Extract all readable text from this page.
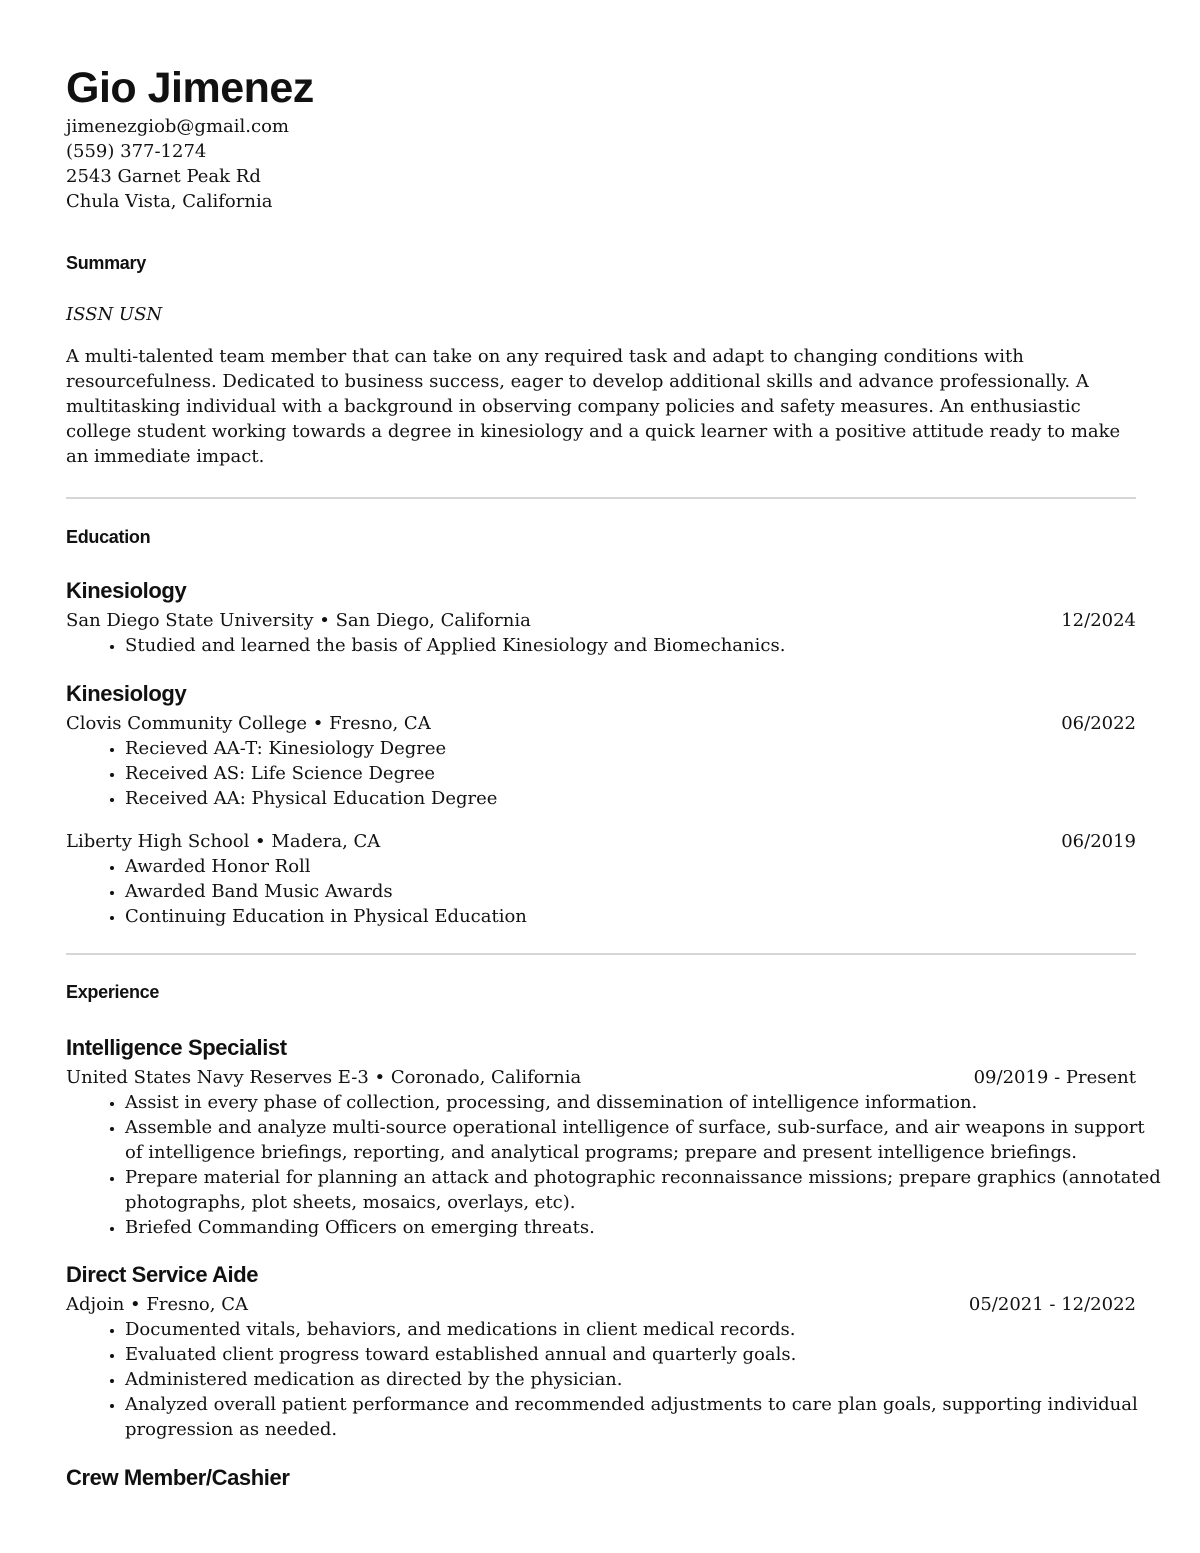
Gio Jimenez
jimenezgiob@gmail.com
(559) 377-1274
2543 Garnet Peak Rd
Chula Vista, California
Summary
ISSN USN
A multi-talented team member that can take on any required task and adapt to changing conditions with resourcefulness. Dedicated to business success, eager to develop additional skills and advance professionally. A multitasking individual with a background in observing company policies and safety measures. An enthusiastic college student working towards a degree in kinesiology and a quick learner with a positive attitude ready to make an immediate impact.
Education
Kinesiology
San Diego State University • San Diego, California	12/2024
• Studied and learned the basis of Applied Kinesiology and Biomechanics.
Kinesiology
Clovis Community College • Fresno, CA	06/2022
• Recieved AA-T: Kinesiology Degree
• Received AS: Life Science Degree
• Received AA: Physical Education Degree
Liberty High School • Madera, CA	06/2019
• Awarded Honor Roll
• Awarded Band Music Awards
• Continuing Education in Physical Education
Experience
Intelligence Specialist
United States Navy Reserves E-3 • Coronado, California	09/2019 - Present
• Assist in every phase of collection, processing, and dissemination of intelligence information.
• Assemble and analyze multi-source operational intelligence of surface, sub-surface, and air weapons in support of intelligence briefings, reporting, and analytical programs; prepare and present intelligence briefings.
• Prepare material for planning an attack and photographic reconnaissance missions; prepare graphics (annotated photographs, plot sheets, mosaics, overlays, etc).
• Briefed Commanding Officers on emerging threats.
Direct Service Aide
Adjoin • Fresno, CA	05/2021 - 12/2022
• Documented vitals, behaviors, and medications in client medical records.
• Evaluated client progress toward established annual and quarterly goals.
• Administered medication as directed by the physician.
• Analyzed overall patient performance and recommended adjustments to care plan goals, supporting individual progression as needed.
Crew Member/Cashier
